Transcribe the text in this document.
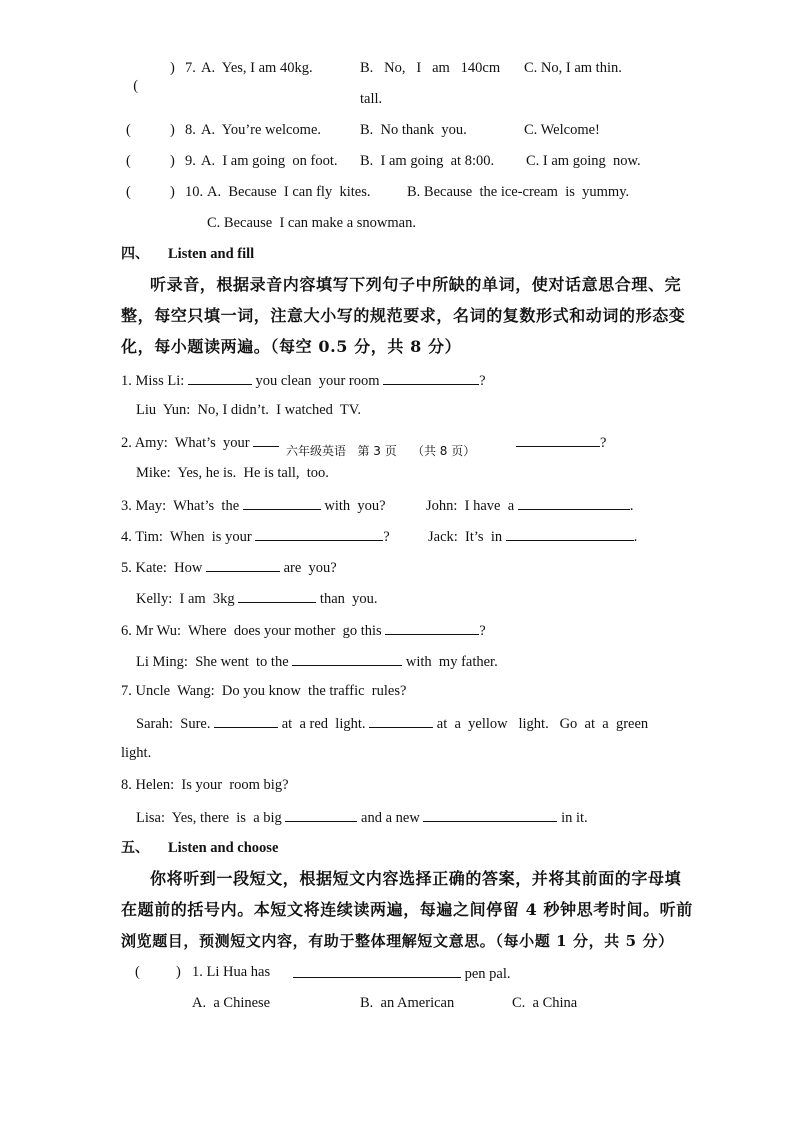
(

) 7. A.  Yes, I am 40kg.	B.   No,   I   am   140cm
tall.
C. No, I am thin.
(	) 8. A.  You’re welcome.	B.  No thank  you.	C. Welcome!
(	) 9. A.  I am going  on foot. B.  I am going  at 8:00. C. I am going  now.
(	) 10. A.  Because  I can fly  kites.	B. Because  the ice-cream  is  yummy.
C. Because  I can make a snowman.
四、 Listen and fill
听录音，根据录音内容填写下列句子中所缺的单词，使对话意思合理、完
整，每空只填一词，注意大小写的规范要求，名词的复数形式和动词的形态变
化，每小题读两遍。（每空 0.5 分，共 8 分）
1. Miss Li:	you clean  your room	?
Liu  Yun:  No, I didn’t.  I watched  TV.
2. Amy:  What’s  your	?
六年级英语   第 3 页    （共 8 页）
Mike:  Yes, he is.  He is tall,  too.
3. May:  What’s  the	with  you?	John:  I have  a	.
4. Tim:  When  is your	?	Jack:  It’s  in	.
5. Kate:  How	are  you?
Kelly:  I am  3kg	than  you.
6. Mr Wu:  Where  does your mother  go this	?
Li Ming:  She went  to the	with  my father.
7. Uncle  Wang:  Do you know  the traffic  rules?
Sarah:  Sure.	at  a red  light.	at  a  yellow   light.   Go  at  a  green
light.
8. Helen:  Is your  room big?
Lisa:  Yes, there  is  a big	and a new	in it.
五、 Listen and choose
你将听到一段短文，根据短文内容选择正确的答案，并将其前面的字母填
在题前的括号内。本短文将连续读两遍，每遍之间停留 4 秒钟思考时间。听前
浏览题目，预测短文内容，有助于整体理解短文意思。（每小题 1 分，共 5 分）
( ) 1. Li Hua has	pen pal.
A.  a Chinese	B.  an American	C.  a China
